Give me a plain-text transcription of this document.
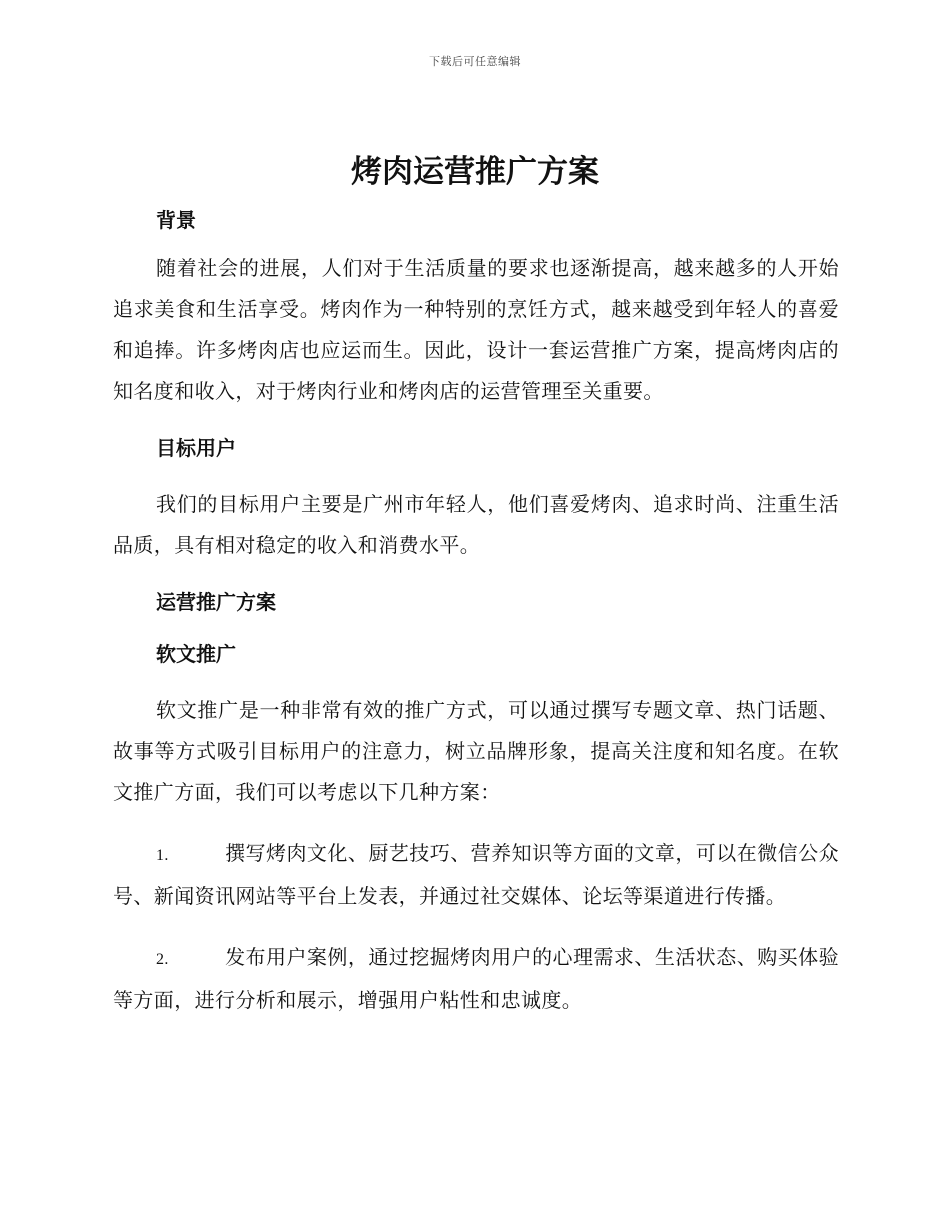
下载后可任意编辑
烤肉运营推广方案
背景

随着社会的进展，人们对于生活质量的要求也逐渐提高，越来越多的人开始追求美食和生活享受。烤肉作为一种特别的烹饪方式，越来越受到年轻人的喜爱和追捧。许多烤肉店也应运而生。因此，设计一套运营推广方案，提高烤肉店的知名度和收入，对于烤肉行业和烤肉店的运营管理至关重要。

目标用户

我们的目标用户主要是广州市年轻人，他们喜爱烤肉、追求时尚、注重生活品质，具有相对稳定的收入和消费水平。

运营推广方案
软文推广

软文推广是一种非常有效的推广方式，可以通过撰写专题文章、热门话题、故事等方式吸引目标用户的注意力，树立品牌形象，提高关注度和知名度。在软文推广方面，我们可以考虑以下几种方案：

1.	撰写烤肉文化、厨艺技巧、营养知识等方面的文章，可以在微信公众号、新闻资讯网站等平台上发表，并通过社交媒体、论坛等渠道进行传播。

2.	发布用户案例，通过挖掘烤肉用户的心理需求、生活状态、购买体验等方面，进行分析和展示，增强用户粘性和忠诚度。
